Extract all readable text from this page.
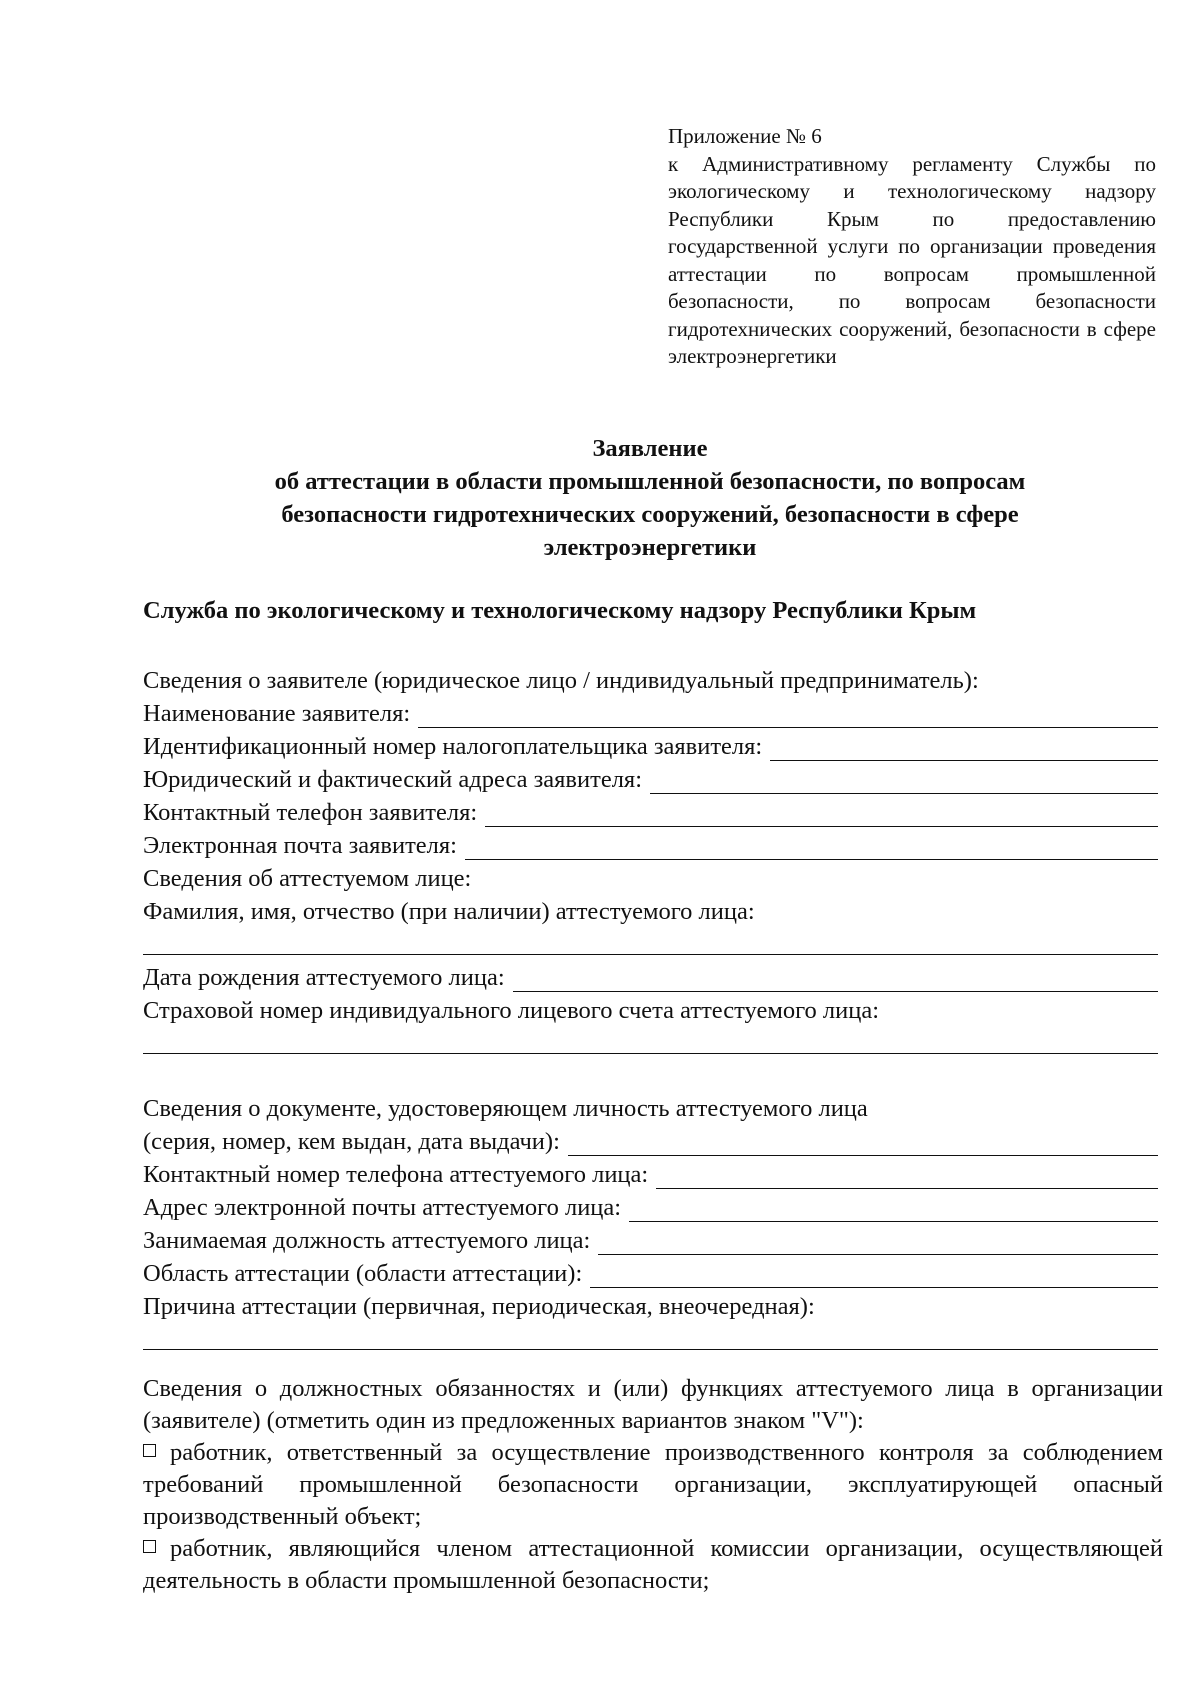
Приложение № 6
к Административному регламенту Службы по экологическому и технологическому надзору Республики Крым по предоставлению государственной услуги по организации проведения аттестации по вопросам промышленной безопасности, по вопросам безопасности гидротехнических сооружений, безопасности в сфере электроэнергетики
Заявление
об аттестации в области промышленной безопасности, по вопросам
безопасности гидротехнических сооружений, безопасности в сфере
электроэнергетики
Служба по экологическому и технологическому надзору Республики Крым
Сведения о заявителе (юридическое лицо / индивидуальный предприниматель):
Наименование заявителя:
Идентификационный номер налогоплательщика заявителя:
Юридический и фактический адреса заявителя:
Контактный телефон заявителя:
Электронная почта заявителя:
Сведения об аттестуемом лице:
Фамилия, имя, отчество (при наличии) аттестуемого лица:
Дата рождения аттестуемого лица:
Страховой номер индивидуального лицевого счета аттестуемого лица:
Сведения о документе, удостоверяющем личность аттестуемого лица
(серия, номер, кем выдан, дата выдачи):
Контактный номер телефона аттестуемого лица:
Адрес электронной почты аттестуемого лица:
Занимаемая должность аттестуемого лица:
Область аттестации (области аттестации):
Причина аттестации (первичная, периодическая, внеочередная):

Сведения о должностных обязанностях и (или) функциях аттестуемого лица в организации (заявителе) (отметить один из предложенных вариантов знаком "V"):

работник, ответственный за осуществление производственного контроля за соблюдением требований промышленной безопасности организации, эксплуатирующей опасный производственный объект;

работник, являющийся членом аттестационной комиссии организации, осуществляющей деятельность в области промышленной безопасности;
